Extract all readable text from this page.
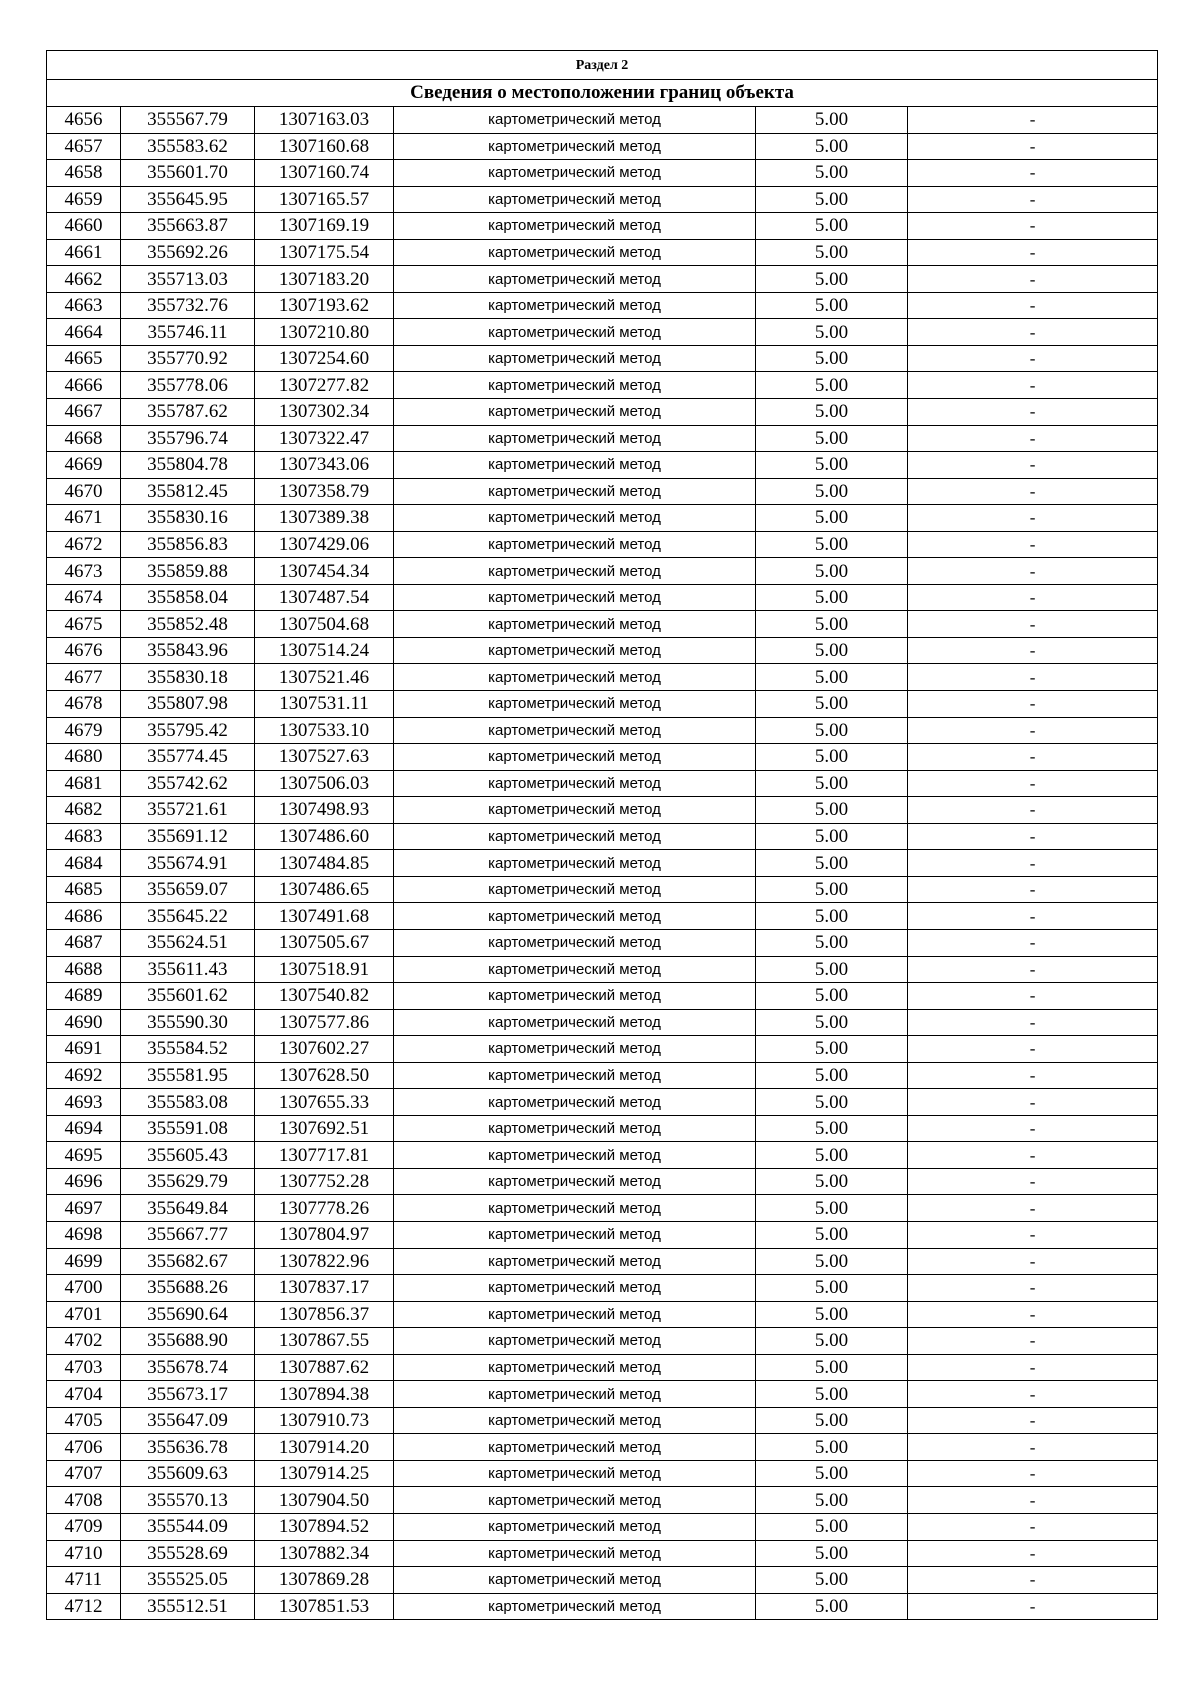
Раздел 2					
Сведения о местоположении границ объекта					
4656	355567.79	1307163.03	картометрический метод	5.00	-
4657	355583.62	1307160.68	картометрический метод	5.00	-
4658	355601.70	1307160.74	картометрический метод	5.00	-
4659	355645.95	1307165.57	картометрический метод	5.00	-
4660	355663.87	1307169.19	картометрический метод	5.00	-
4661	355692.26	1307175.54	картометрический метод	5.00	-
4662	355713.03	1307183.20	картометрический метод	5.00	-
4663	355732.76	1307193.62	картометрический метод	5.00	-
4664	355746.11	1307210.80	картометрический метод	5.00	-
4665	355770.92	1307254.60	картометрический метод	5.00	-
4666	355778.06	1307277.82	картометрический метод	5.00	-
4667	355787.62	1307302.34	картометрический метод	5.00	-
4668	355796.74	1307322.47	картометрический метод	5.00	-
4669	355804.78	1307343.06	картометрический метод	5.00	-
4670	355812.45	1307358.79	картометрический метод	5.00	-
4671	355830.16	1307389.38	картометрический метод	5.00	-
4672	355856.83	1307429.06	картометрический метод	5.00	-
4673	355859.88	1307454.34	картометрический метод	5.00	-
4674	355858.04	1307487.54	картометрический метод	5.00	-
4675	355852.48	1307504.68	картометрический метод	5.00	-
4676	355843.96	1307514.24	картометрический метод	5.00	-
4677	355830.18	1307521.46	картометрический метод	5.00	-
4678	355807.98	1307531.11	картометрический метод	5.00	-
4679	355795.42	1307533.10	картометрический метод	5.00	-
4680	355774.45	1307527.63	картометрический метод	5.00	-
4681	355742.62	1307506.03	картометрический метод	5.00	-
4682	355721.61	1307498.93	картометрический метод	5.00	-
4683	355691.12	1307486.60	картометрический метод	5.00	-
4684	355674.91	1307484.85	картометрический метод	5.00	-
4685	355659.07	1307486.65	картометрический метод	5.00	-
4686	355645.22	1307491.68	картометрический метод	5.00	-
4687	355624.51	1307505.67	картометрический метод	5.00	-
4688	355611.43	1307518.91	картометрический метод	5.00	-
4689	355601.62	1307540.82	картометрический метод	5.00	-
4690	355590.30	1307577.86	картометрический метод	5.00	-
4691	355584.52	1307602.27	картометрический метод	5.00	-
4692	355581.95	1307628.50	картометрический метод	5.00	-
4693	355583.08	1307655.33	картометрический метод	5.00	-
4694	355591.08	1307692.51	картометрический метод	5.00	-
4695	355605.43	1307717.81	картометрический метод	5.00	-
4696	355629.79	1307752.28	картометрический метод	5.00	-
4697	355649.84	1307778.26	картометрический метод	5.00	-
4698	355667.77	1307804.97	картометрический метод	5.00	-
4699	355682.67	1307822.96	картометрический метод	5.00	-
4700	355688.26	1307837.17	картометрический метод	5.00	-
4701	355690.64	1307856.37	картометрический метод	5.00	-
4702	355688.90	1307867.55	картометрический метод	5.00	-
4703	355678.74	1307887.62	картометрический метод	5.00	-
4704	355673.17	1307894.38	картометрический метод	5.00	-
4705	355647.09	1307910.73	картометрический метод	5.00	-
4706	355636.78	1307914.20	картометрический метод	5.00	-
4707	355609.63	1307914.25	картометрический метод	5.00	-
4708	355570.13	1307904.50	картометрический метод	5.00	-
4709	355544.09	1307894.52	картометрический метод	5.00	-
4710	355528.69	1307882.34	картометрический метод	5.00	-
4711	355525.05	1307869.28	картометрический метод	5.00	-
4712	355512.51	1307851.53	картометрический метод	5.00	-
